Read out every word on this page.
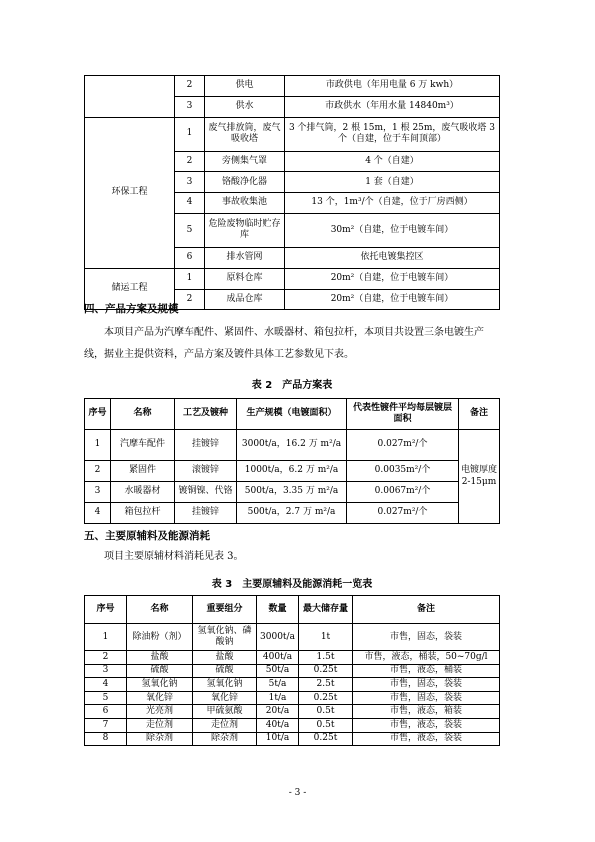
	2	供电	市政供电（年用电量 6 万 kwh）
	3	供水	市政供水（年用水量 14840m³）
环保工程	1	废气排放筒，废气吸收塔	3 个排气筒，2 根 15m，1 根 25m，废气吸收塔 3 个（自建，位于车间顶部）
	2	旁侧集气罩	4 个（自建）
	3	铬酸净化器	1 套（自建）
	4	事故收集池	13 个，1m³/个（自建，位于厂房西侧）
	5	危险废物临时贮存库	30m²（自建，位于电镀车间）
	6	排水管网	依托电镀集控区
储运工程	1	原料仓库	20m²（自建，位于电镀车间）
	2	成品仓库	20m²（自建，位于电镀车间）
四、产品方案及规模
本项目产品为汽摩车配件、紧固件、水暖器材、箱包拉杆，本项目共设置三条电镀生产线，据业主提供资料，产品方案及镀件具体工艺参数见下表。
表 2　产品方案表
序号	名称	工艺及镀种	生产规模（电镀面积）	代表性镀件平均每层镀层面积	备注
1	汽摩车配件	挂镀锌	3000t/a，16.2 万 m²/a	0.027m²/个	电镀厚度 2-15μm
2	紧固件	滚镀锌	1000t/a，6.2 万 m²/a	0.0035m²/个	
3	水暖器材	镀铜镍、代铬	500t/a，3.35 万 m²/a	0.0067m²/个	
4	箱包拉杆	挂镀锌	500t/a，2.7 万 m²/a	0.027m²/个	
五、主要原辅料及能源消耗
项目主要原辅材料消耗见表 3。
表 3　主要原辅料及能源消耗一览表
序号	名称	重要组分	数量	最大储存量	备注
1	除油粉（剂）	氢氧化钠、磷酸钠	3000t/a	1t	市售，固态，袋装
2	盐酸	盐酸	400t/a	1.5t	市售，液态，桶装，50~70g/l
3	硫酸	硫酸	50t/a	0.25t	市售，液态，桶装
4	氢氧化钠	氢氧化钠	5t/a	2.5t	市售，固态，袋装
5	氧化锌	氧化锌	1t/a	0.25t	市售，固态，袋装
6	光亮剂	甲硫氨酸	20t/a	0.5t	市售，液态，箱装
7	走位剂	走位剂	40t/a	0.5t	市售，液态，袋装
8	除杂剂	除杂剂	10t/a	0.25t	市售，液态，袋装
- 3 -
